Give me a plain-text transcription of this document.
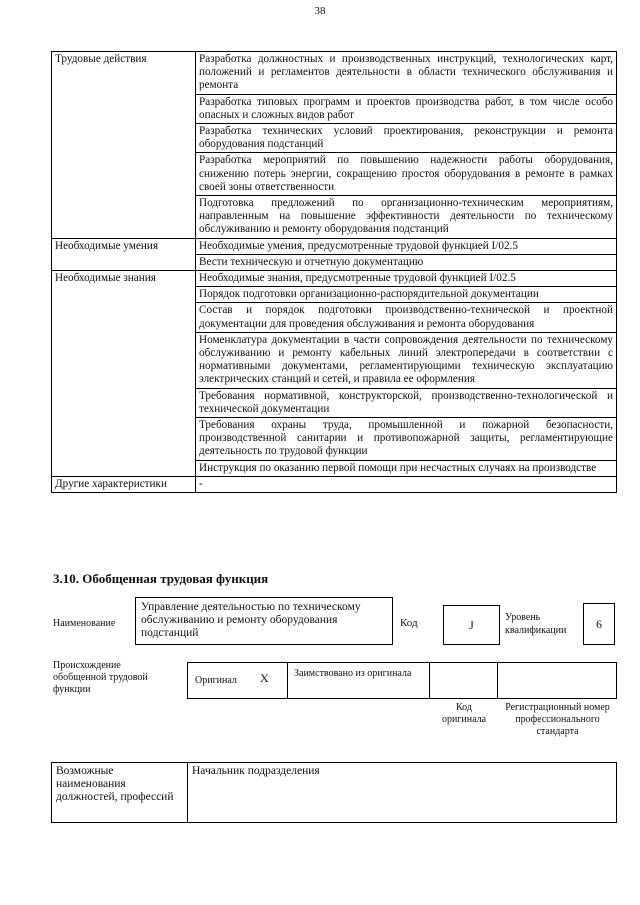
38
Трудовые действия	Разработка должностных и производственных инструкций, технологических карт, положений и регламентов деятельности в области технического обслуживания и ремонта
	Разработка типовых программ и проектов производства работ, в том числе особо опасных и сложных видов работ
	Разработка технических условий проектирования, реконструкции и ремонта оборудования подстанций
	Разработка мероприятий по повышению надежности работы оборудования, снижению потерь энергии, сокращению простоя оборудования в ремонте в рамках своей зоны ответственности
	Подготовка предложений по организационно-техническим мероприятиям, направленным на повышение эффективности деятельности по техническому обслуживанию и ремонту оборудования подстанций
Необходимые умения	Необходимые умения, предусмотренные трудовой функцией I/02.5
	Вести техническую и отчетную документацию
Необходимые знания	Необходимые знания, предусмотренные трудовой функцией I/02.5
	Порядок подготовки организационно-распорядительной документации
	Состав и порядок подготовки производственно-технической и проектной документации для проведения обслуживания и ремонта оборудования
	Номенклатура документации в части сопровождения деятельности по техническому обслуживанию и ремонту кабельных линий электропередачи в соответствии с нормативными документами, регламентирующими техническую эксплуатацию электрических станций и сетей, и правила ее оформления
	Требования нормативной, конструкторской, производственно-технологической и технической документации
	Требования охраны труда, промышленной и пожарной безопасности, производственной санитарии и противопожарной защиты, регламентирующие деятельность по трудовой функции
	Инструкция по оказанию первой помощи при несчастных случаях на производстве
Другие характеристики	-
3.10. Обобщенная трудовая функция
Наименование
Управление деятельностью по техническому обслуживанию и ремонту оборудования подстанций
Код	J
Уровень квалификации	6
Происхождение обобщенной трудовой функции
Оригинал X	Заимствовано из оригинала
Код оригинала
Регистрационный номер профессионального стандарта
Возможные наименования должностей, профессий	Начальник подразделения
